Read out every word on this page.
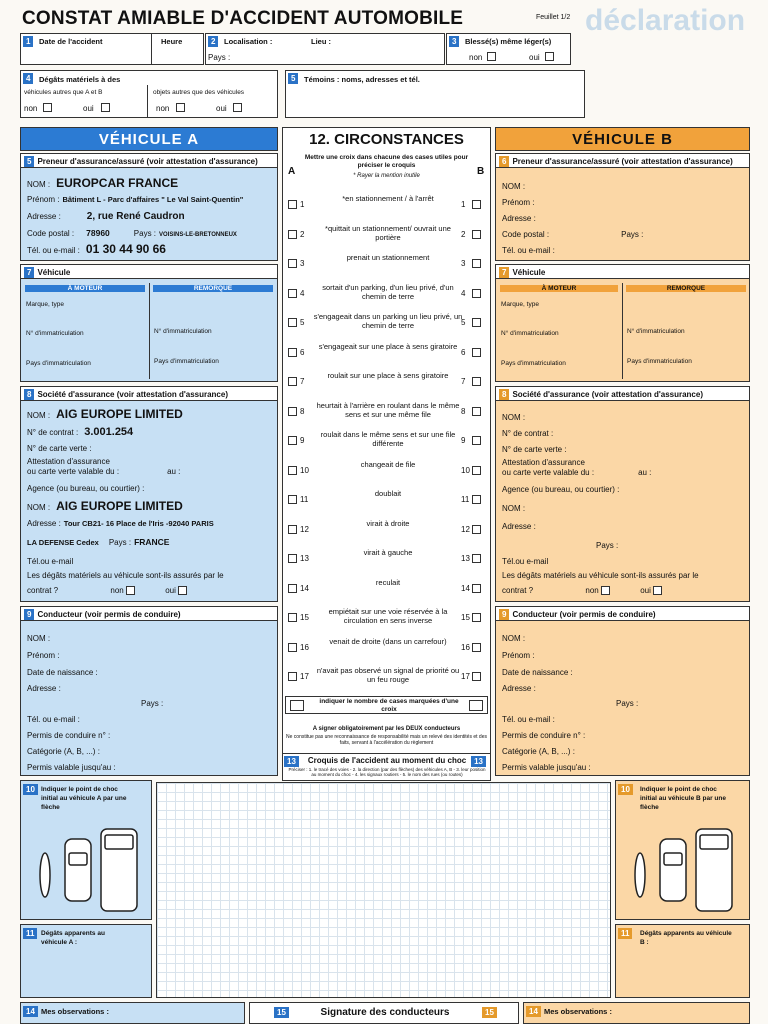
déclaration
CONSTAT AMIABLE D'ACCIDENT AUTOMOBILE	Feuillet 1/2
1	Date de l'accident	Heure	2	Localisation :	Lieu :
Pays :
3	Blessé(s) même léger(s)
non	oui
4	Dégâts matériels à des
véhicules autres que A et B	objets autres que des véhicules
non	oui	non	oui
5	Témoins : noms, adresses et tél.
VÉHICULE A
5 Preneur d'assurance/assuré (voir attestation d'assurance)
NOM : EUROPCAR FRANCE
Prénom : Bâtiment L - Parc d'affaires " Le Val Saint-Quentin"
Adresse :	2, rue René Caudron
Code postal : 78960	Pays : VOISINS-LE-BRETONNEUX
Tél. ou e-mail : 01 30 44 90 66
7 Véhicule
À MOTEUR	REMORQUE
Marque, type
N° d'immatriculation	N° d'immatriculation
Pays d'immatriculation	Pays d'immatriculation
8 Société d'assurance (voir attestation d'assurance)
NOM : AIG EUROPE LIMITED
N° de contrat : 3.001.254
N° de carte verte :
Attestation d'assurance
ou carte verte valable du :	au :
Agence (ou bureau, ou courtier) :
NOM : AIG EUROPE LIMITED
Adresse : Tour CB21- 16 Place de l'Iris -92040 PARIS
LA DEFENSE Cedex Pays : FRANCE
Tél.ou e-mail
Les dégâts matériels au véhicule sont-ils assurés par le
contrat ?	non	oui
9 Conducteur (voir permis de conduire)
NOM :
Prénom :
Date de naissance :
Adresse :
Pays :
Tél. ou e-mail :
Permis de conduire n° :
Catégorie (A, B, ...) :
Permis valable jusqu'au :
10 Indiquer le point de choc initial au véhicule A par une flèche
11	Dégâts apparents au véhicule A :
14 Mes observations :
12. CIRCONSTANCES
Mettre une croix dans chacune des cases utiles pour préciser le croquis
* Rayer la mention inutile
A	B
1
*en stationnement / à l'arrêt
1
2
*quittait un stationnement/ ouvrait une portière	2
3
prenait un stationnement
3
4
sortait d'un parking, d'un lieu privé, d'un chemin de terre	4
5
s'engageait dans un parking un lieu privé, un chemin de terre	5
6
s'engageait sur une place à sens giratoire
6
7
roulait sur une place à sens giratoire
7
8
heurtait à l'arrière en roulant dans le même sens et sur une même file	8
9
roulait dans le même sens et sur une file différente	9
10
changeait de file
10
11
doublait
11
12
virait à droite
12
13
virait à gauche
13
14
reculait
14
15
empiétait sur une voie réservée à la circulation en sens inverse	15
16
venait de droite (dans un carrefour)
16
17
n'avait pas observé un signal de priorité ou un feu rouge	17
indiquer le nombre de cases marquées d'une croix
A signer obligatoirement par les DEUX conducteurs
Ne constitue pas une reconnaissance de responsabilité mais un relevé des identités et des faits, servant à l'accélération du règlement
13	13
Croquis de l'accident au moment du choc
Préciser : 1. le tracé des voies - 2. la direction (par des flèches) des véhicules A, B - 3. leur position au moment du choc - 4. les signaux routiers - 5. le nom des rues (ou routes)
15	Signature des conducteurs	15
VÉHICULE B
6 Preneur d'assurance/assuré (voir attestation d'assurance)
NOM :
Prénom :
Adresse :
Code postal :	Pays :
Tél. ou e-mail :
7 Véhicule
À MOTEUR	REMORQUE
Marque, type
N° d'immatriculation	N° d'immatriculation
Pays d'immatriculation	Pays d'immatriculation
8 Société d'assurance (voir attestation d'assurance)
NOM :
N° de contrat :
N° de carte verte :
Attestation d'assurance
ou carte verte valable du :	au :
Agence (ou bureau, ou courtier) :
NOM :
Adresse :
Pays :
Tél.ou e-mail
Les dégâts matériels au véhicule sont-ils assurés par le
contrat ?	non	oui
9 Conducteur (voir permis de conduire)
NOM :
Prénom :
Date de naissance :
Adresse :
Pays :
Tél. ou e-mail :
Permis de conduire n° :
Catégorie (A, B, ...) :
Permis valable jusqu'au :
10	Indiquer le point de choc initial au véhicule B par une flèche
11	Dégâts apparents au véhicule B :
14 Mes observations :
